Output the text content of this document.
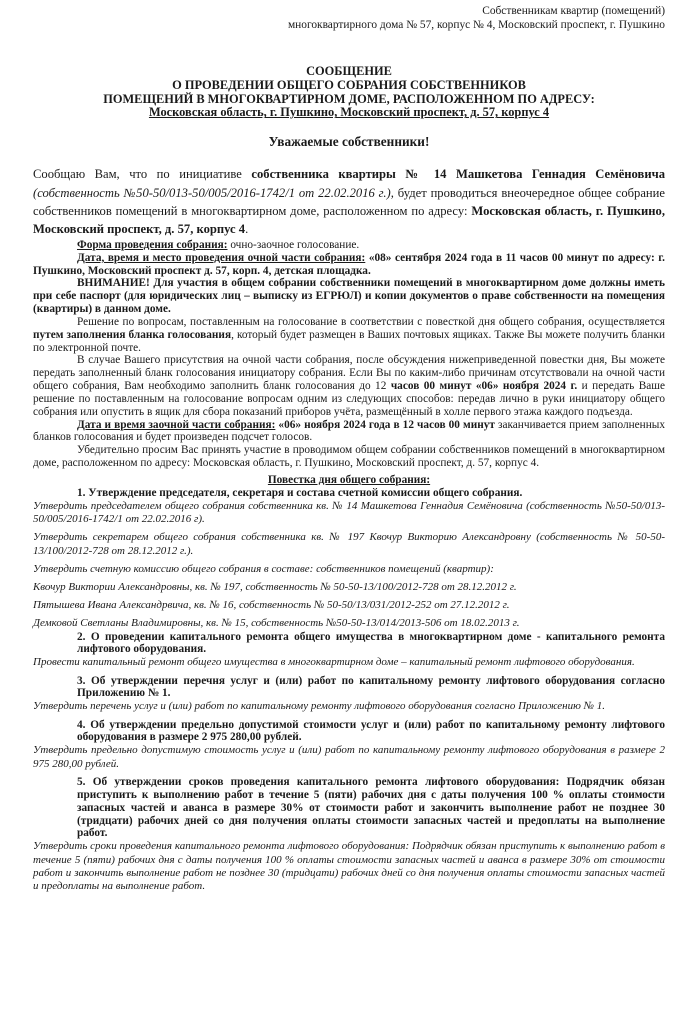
Собственникам квартир (помещений)
многоквартирного дома № 57, корпус № 4, Московский проспект, г. Пушкино
СООБЩЕНИЕ
О ПРОВЕДЕНИИ ОБЩЕГО СОБРАНИЯ СОБСТВЕННИКОВ
ПОМЕЩЕНИЙ В МНОГОКВАРТИРНОМ ДОМЕ, РАСПОЛОЖЕННОМ ПО АДРЕСУ:
Московская область, г. Пушкино, Московский проспект, д. 57, корпус 4
Уважаемые собственники!

Сообщаю Вам, что по инициативе собственника квартиры № 14 Машкетова Геннадия Семёновича (собственность №50-50/013-50/005/2016-1742/1 от 22.02.2016 г.), будет проводиться внеочередное общее собрание собственников помещений в многоквартирном доме, расположенном по адресу: Московская область, г. Пушкино, Московский проспект, д. 57, корпус 4.

Форма проведения собрания: очно-заочное голосование.

Дата, время и место проведения очной части собрания: «08» сентября 2024 года в 11 часов 00 минут по адресу: г. Пушкино, Московский проспект д. 57, корп. 4, детская площадка.

ВНИМАНИЕ! Для участия в общем собрании собственники помещений в многоквартирном доме должны иметь при себе паспорт (для юридических лиц – выписку из ЕГРЮЛ) и копии документов о праве собственности на помещения (квартиры) в данном доме.

Решение по вопросам, поставленным на голосование в соответствии с повесткой дня общего собрания, осуществляется путем заполнения бланка голосования, который будет размещен в Ваших почтовых ящиках. Также Вы можете получить бланки по электронной почте.

В случае Вашего присутствия на очной части собрания, после обсуждения нижеприведенной повестки дня, Вы можете передать заполненный бланк голосования инициатору собрания. Если Вы по каким-либо причинам отсутствовали на очной части общего собрания, Вам необходимо заполнить бланк голосования до 12 часов 00 минут «06» ноября 2024 г. и передать Ваше решение по поставленным на голосование вопросам одним из следующих способов: передав лично в руки инициатору общего собрания или опустить в ящик для сбора показаний приборов учёта, размещённый в холле первого этажа каждого подъезда.

Дата и время заочной части собрания: «06» ноября 2024 года в 12 часов 00 минут заканчивается прием заполненных бланков голосования и будет произведен подсчет голосов.

Убедительно просим Вас принять участие в проводимом общем собрании собственников помещений в многоквартирном доме, расположенном по адресу: Московская область, г. Пушкино, Московский проспект, д. 57, корпус 4.

Повестка дня общего собрания:

1. Утверждение председателя, секретаря и состава счетной комиссии общего собрания.

Утвердить председателем общего собрания собственника кв. № 14 Машкетова Геннадия Семёновича (собственность №50-50/013-50/005/2016-1742/1 от 22.02.2016 г).

Утвердить секретарем общего собрания собственника кв. № 197 Квочур Викторию Александровну (собственность № 50-50-13/100/2012-728 от 28.12.2012 г.).

Утвердить счетную комиссию общего собрания в составе: собственников помещений (квартир):

Квочур Виктории Александровны, кв. № 197, собственность № 50-50-13/100/2012-728 от 28.12.2012 г.

Пятышева Ивана Александрвича, кв. № 16, собственность № 50-50/13/031/2012-252 от 27.12.2012 г.

Демковой Светланы Владимировны, кв. № 15, собственность №50-50-13/014/2013-506 от 18.02.2013 г.

2. О проведении капитального ремонта общего имущества в многоквартирном доме - капитального ремонта лифтового оборудования.

Провести капитальный ремонт общего имущества в многоквартирном доме – капитальный ремонт лифтового оборудования.

3. Об утверждении перечня услуг и (или) работ по капитальному ремонту лифтового оборудования согласно Приложению № 1.

Утвердить перечень услуг и (или) работ по капитальному ремонту лифтового оборудования согласно Приложению № 1.

4. Об утверждении предельно допустимой стоимости услуг и (или) работ по капитальному ремонту лифтового оборудования в размере 2 975 280,00 рублей.

Утвердить предельно допустимую стоимость услуг и (или) работ по капитальному ремонту лифтового оборудования в размере 2 975 280,00 рублей.

5. Об утверждении сроков проведения капитального ремонта лифтового оборудования: Подрядчик обязан приступить к выполнению работ в течение 5 (пяти) рабочих дня с даты получения 100 % оплаты стоимости запасных частей и аванса в размере 30% от стоимости работ и закончить выполнение работ не позднее 30 (тридцати) рабочих дней со дня получения оплаты стоимости запасных частей и предоплаты на выполнение работ.

Утвердить сроки проведения капитального ремонта лифтового оборудования: Подрядчик обязан приступить к выполнению работ в течение 5 (пяти) рабочих дня с даты получения 100 % оплаты стоимости запасных частей и аванса в размере 30% от стоимости работ и закончить выполнение работ не позднее 30 (тридцати) рабочих дней со дня получения оплаты стоимости запасных частей и предоплаты на выполнение работ.
